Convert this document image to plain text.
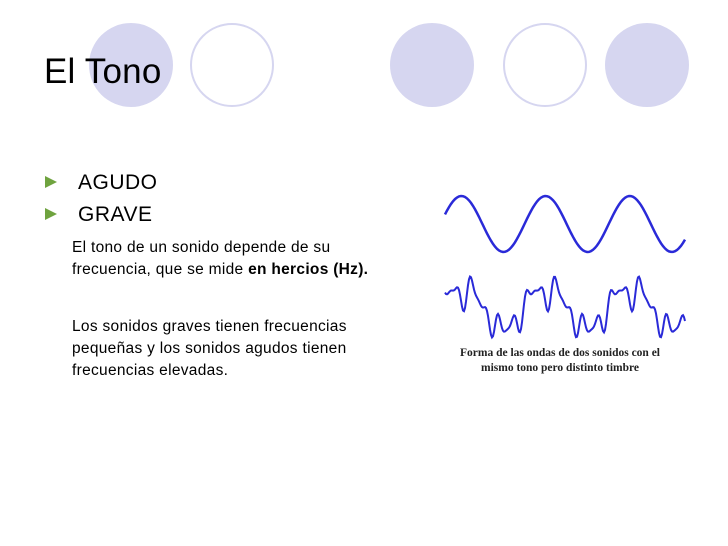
El Tono
AGUDO
GRAVE

El tono de un sonido depende de su frecuencia, que se mide en hercios (Hz).

Los sonidos graves tienen frecuencias pequeñas y los sonidos agudos tienen frecuencias elevadas.

Forma de las ondas de dos sonidos con el
mismo tono pero distinto timbre
